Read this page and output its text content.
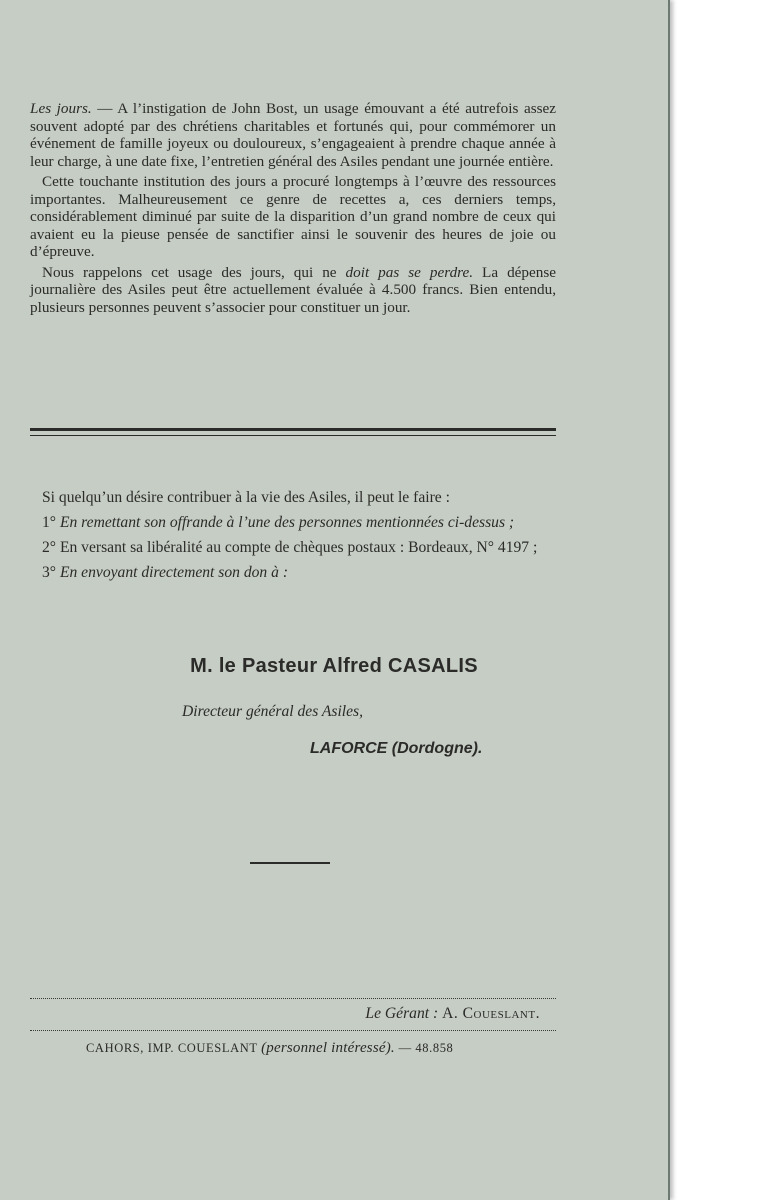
Les jours. — A l’instigation de John Bost, un usage émouvant a été autrefois assez souvent adopté par des chrétiens charitables et fortunés qui, pour commémorer un événement de famille joyeux ou douloureux, s’engageaient à prendre chaque année à leur charge, à une date fixe, l’entretien général des Asiles pendant une journée entière.

Cette touchante institution des jours a procuré longtemps à l’œuvre des ressources importantes. Malheureusement ce genre de recettes a, ces derniers temps, considérablement diminué par suite de la disparition d’un grand nombre de ceux qui avaient eu la pieuse pensée de sanctifier ainsi le souvenir des heures de joie ou d’épreuve.

Nous rappelons cet usage des jours, qui ne doit pas se perdre. La dépense journalière des Asiles peut être actuellement évaluée à 4.500 francs. Bien entendu, plusieurs personnes peuvent s’associer pour constituer un jour.

Si quelqu’un désire contribuer à la vie des Asiles, il peut le faire :

1° En remettant son offrande à l’une des personnes mentionnées ci-dessus ;

2° En versant sa libéralité au compte de chèques postaux : Bordeaux, N° 4197 ;

3° En envoyant directement son don à :

M. le Pasteur Alfred CASALIS
Directeur général des Asiles,
LAFORCE (Dordogne).
Le Gérant : A. Coueslant.
CAHORS, IMP. COUESLANT (personnel intéressé). — 48.858
